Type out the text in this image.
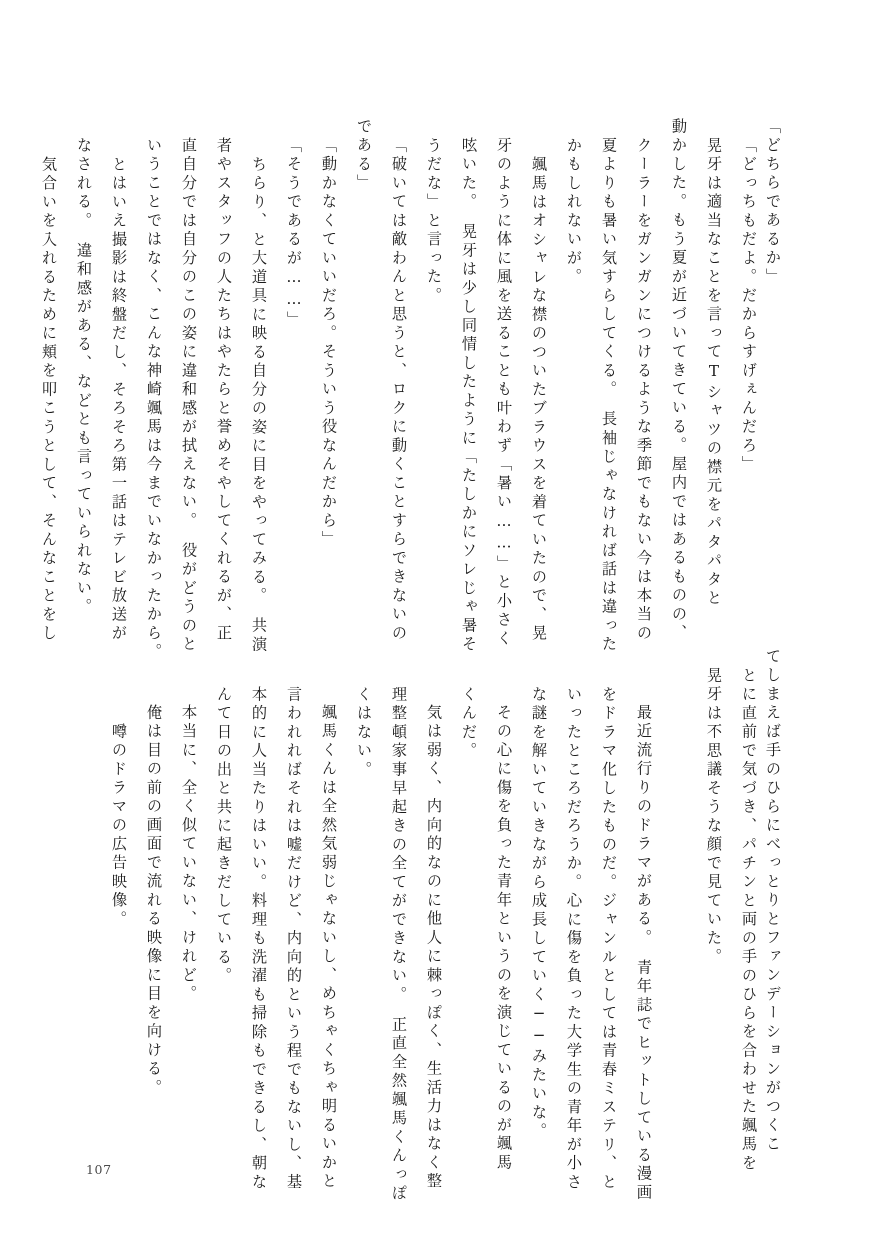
「どちらであるか」
「どっちもだよ。だからすげぇんだろ」
晃牙は適当なことを言ってTシャツの襟元をパタパタと
動かした。もう夏が近づいてきている。屋内ではあるものの、
クーラーをガンガンにつけるような季節でもない今は本当の
夏よりも暑い気すらしてくる。　長袖じゃなければ話は違った
かもしれないが。
颯馬はオシャレな襟のついたブラウスを着ていたので、晃
牙のように体に風を送ることも叶わず「暑い……」と小さく
呟いた。　晃牙は少し同情したように「たしかにソレじゃ暑そ
うだな」と言った。
「破いては敵わんと思うと、ロクに動くことすらできないの
である」
「動かなくていいだろ。そういう役なんだから」
「そうであるが……」
ちらり、と大道具に映る自分の姿に目をやってみる。　共演
者やスタッフの人たちはやたらと誉めそやしてくれるが、正
直自分では自分のこの姿に違和感が拭えない。　役がどうのと
いうことではなく、こんな神崎颯馬は今までいなかったから。
とはいえ撮影は終盤だし、そろそろ第一話はテレビ放送が
なされる。　違和感がある、などとも言っていられない。
気合いを入れるために頬を叩こうとして、そんなことをし
てしまえば手のひらにべっとりとファンデーションがつくこ
とに直前で気づき、パチンと両の手のひらを合わせた颯馬を
晃牙は不思議そうな顔で見ていた。
最近流行りのドラマがある。　青年誌でヒットしている漫画
をドラマ化したものだ。ジャンルとしては青春ミステリ、と
いったところだろうか。心に傷を負った大学生の青年が小さ
な謎を解いていきながら成長していく──みたいな。
その心に傷を負った青年というのを演じているのが颯馬
くんだ。
気は弱く、内向的なのに他人に棘っぽく、生活力はなく整
理整頓家事早起きの全てができない。　正直全然颯馬くんっぽ
くはない。
颯馬くんは全然気弱じゃないし、めちゃくちゃ明るいかと
言われればそれは嘘だけど、内向的という程でもないし、基
本的に人当たりはいい。料理も洗濯も掃除もできるし、朝な
んて日の出と共に起きだしている。
本当に、全く似ていない、けれど。
俺は目の前の画面で流れる映像に目を向ける。
噂のドラマの広告映像。
107
